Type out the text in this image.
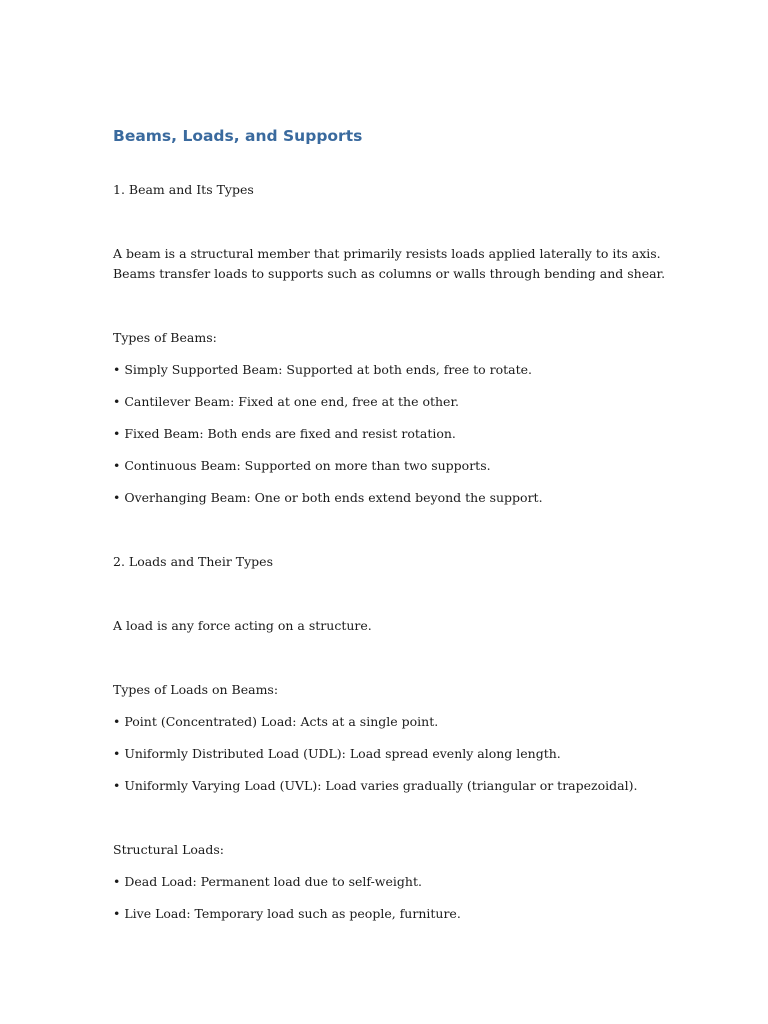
Beams, Loads, and Supports

1. Beam and Its Types

A beam is a structural member that primarily resists loads applied laterally to its axis.

Beams transfer loads to supports such as columns or walls through bending and shear.

Types of Beams:

• Simply Supported Beam: Supported at both ends, free to rotate.

• Cantilever Beam: Fixed at one end, free at the other.

• Fixed Beam: Both ends are fixed and resist rotation.

• Continuous Beam: Supported on more than two supports.

• Overhanging Beam: One or both ends extend beyond the support.

2. Loads and Their Types

A load is any force acting on a structure.

Types of Loads on Beams:

• Point (Concentrated) Load: Acts at a single point.

• Uniformly Distributed Load (UDL): Load spread evenly along length.

• Uniformly Varying Load (UVL): Load varies gradually (triangular or trapezoidal).

Structural Loads:

• Dead Load: Permanent load due to self-weight.

• Live Load: Temporary load such as people, furniture.
